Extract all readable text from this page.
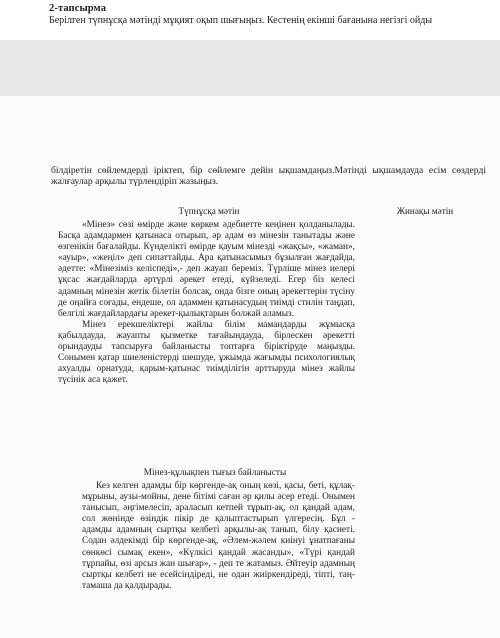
2-тапсырма
Берілген түпнұсқа мәтінді мұқият оқып шығыңыз. Кестенің екінші бағанына негізгі ойды
білдіретін сөйлемдерді іріктеп, бір сөйлемге дейін ықшамдаңыз.Мәтінді ықшамдауда есім сөздерді жалғаулар арқылы түрлендіріп жазыңыз.
Түпнұсқа мәтін	Жинақы мәтін

«Мінез» сөзі өмірде және көркем әдебиетте кеңінен қолданылады. Басқа адамдармен қатынаса отырып, әр адам өз мінезін танытады және өзгенікін бағалайды. Күнделікті өмірде қауым мінезді «жақсы», «жаман», «ауыр», «жеңіл» деп сипаттайды. Ара қатынасымыз бұзылған жағдайда, әдетте: «Мінезіміз келіспеді»,- деп жауап береміз. Түрліше мінез иелері ұқсас жағдайларда әртүрлі әрекет етеді, күйзеледі. Егер біз келесі адамның мінезін жетік білетін болсақ, онда бізге оның әрекеттерін түсіну де оңайға соғады, ендеше, ол адаммен қатынасудың тиімді стилін таңдап, белгілі жағдайлардағы әрекет-қылықтарын болжай аламыз.

Мінез ерекшеліктері жайлы білім мамандарды жұмысқа қабылдауда, жауапты қызметке тағайындауда, бірлескен әрекетті орындауды тапсыруға байланысты топтарға біріктіруде маңызды. Сонымен қатар шиеленістерді шешуде, ұжымда жағымды психологиялық ахуалды орнатуда, қарым-қатынас тиімділігін арттыруда мінез жайлы түсінік аса қажет.

Мінез-құлықпен тығыз байланысты

Кез келген адамды бір көргенде-ақ оның көзі, қасы, беті, құлақ-мұрыны, аузы-мойны, дене бітімі саған әр қилы әсер етеді. Онымен танысып, әңгімелесіп, араласып кетпей тұрып-ақ, ол қандай адам, сол жөнінде өзіндік пікір де қалыптастырып үлгересің. Бұл - адамды адамның сыртқы келбеті арқылы-ақ танып, білу қасиеті. Содан әлдекімді бір көргенде-ақ, «Әлем-жәлем киінуі ұнатпағаны сөнкөсі сымақ екен», «Күлкісі қандай жасанды», «Түрі қандай тұрпайы, өзі арсыз жан шығар», - деп те жатамыз. Әйтеуір адамның сыртқы келбеті не есейсіндіреді, не одан жиіркендіреді, тіпті, таң-тамаша да қалдырады.
